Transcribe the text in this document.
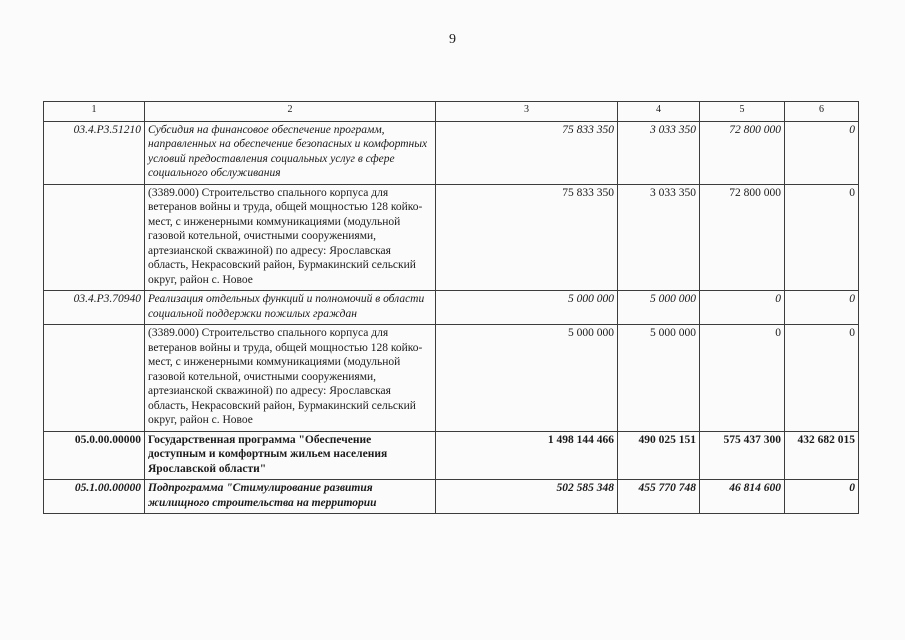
9
1	2	3	4	5	6
03.4.P3.51210	Субсидия на финансовое обеспечение программ, направленных на обеспечение безопасных и комфортных условий предоставления социальных услуг в сфере социального обслуживания	75 833 350	3 033 350	72 800 000	0
	(3389.000) Строительство спального корпуса для ветеранов войны и труда, общей мощностью 128 койко-мест, с инженерными коммуникациями (модульной газовой котельной, очистными сооружениями, артезианской скважиной) по адресу: Ярославская область, Некрасовский район, Бурмакинский сельский округ, район с. Новое	75 833 350	3 033 350	72 800 000	0
03.4.P3.70940	Реализация отдельных функций и полномочий в области социальной поддержки пожилых граждан	5 000 000	5 000 000	0	0
	(3389.000) Строительство спального корпуса для ветеранов войны и труда, общей мощностью 128 койко-мест, с инженерными коммуникациями (модульной газовой котельной, очистными сооружениями, артезианской скважиной) по адресу: Ярославская область, Некрасовский район, Бурмакинский сельский округ, район с. Новое	5 000 000	5 000 000	0	0
05.0.00.00000	Государственная программа "Обеспечение доступным и комфортным жильем населения Ярославской области"	1 498 144 466	490 025 151	575 437 300	432 682 015
05.1.00.00000	Подпрограмма "Стимулирование развития жилищного строительства на территории	502 585 348	455 770 748	46 814 600	0
